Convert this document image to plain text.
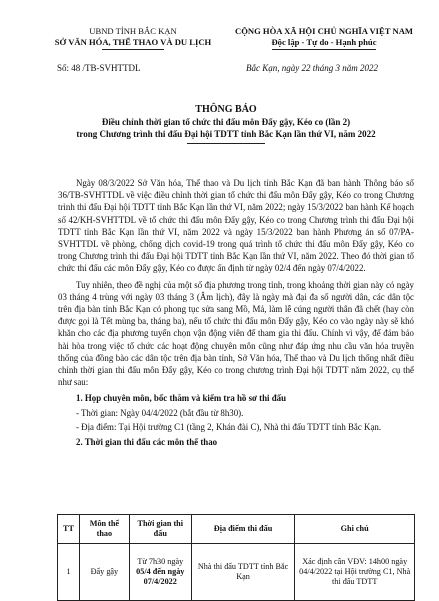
UBND TỈNH BẮC KẠN
SỞ VĂN HÓA, THỂ THAO VÀ DU LỊCH
CỘNG HÒA XÃ HỘI CHỦ NGHĨA VIỆT NAM
Độc lập - Tự do - Hạnh phúc
Số: 48 /TB-SVHTTDL	Bắc Kạn, ngày 22 tháng 3 năm 2022
THÔNG BÁO
Điều chỉnh thời gian tổ chức thi đấu môn Đẩy gậy, Kéo co (lần 2)
trong Chương trình thi đấu Đại hội TDTT tỉnh Bắc Kạn lần thứ VI, năm 2022

Ngày 08/3/2022 Sở Văn hóa, Thể thao và Du lịch tỉnh Bắc Kạn đã ban hành Thông báo số 36/TB-SVHTTDL về việc điều chỉnh thời gian tổ chức thi đấu môn Đẩy gậy, Kéo co trong Chương trình thi đấu Đại hội TDTT tỉnh Bắc Kạn lần thứ VI, năm 2022; ngày 15/3/2022 ban hành Kế hoạch số 42/KH-SVHTTDL về tổ chức thi đấu môn Đẩy gậy, Kéo co trong Chương trình thi đấu Đại hội TDTT tỉnh Bắc Kạn lần thứ VI, năm 2022 và ngày 15/3/2022 ban hành Phương án số 07/PA-SVHTTDL về phòng, chống dịch covid-19 trong quá trình tổ chức thi đấu môn Đẩy gậy, Kéo co trong Chương trình thi đấu Đại hội TDTT tỉnh Bắc Kạn lần thứ VI, năm 2022. Theo đó thời gian tổ chức thi đấu các môn Đẩy gậy, Kéo co được ấn định từ ngày 02/4 đến ngày 07/4/2022.

Tuy nhiên, theo đề nghị của một số địa phương trong tỉnh, trong khoảng thời gian này có ngày 03 tháng 4 trùng với ngày 03 tháng 3 (Âm lịch), đây là ngày mà đại đa số người dân, các dân tộc trên địa bàn tỉnh Bắc Kạn có phong tục sửa sang Mồ, Mả, làm lễ cúng người thân đã chết (hay còn được gọi là Tết mùng ba, tháng ba), nếu tổ chức thi đấu môn Đẩy gậy, Kéo co vào ngày này sẽ khó khăn cho các địa phương tuyển chọn vận động viên để tham gia thi đấu. Chính vì vậy, để đảm bảo hài hòa trong việc tổ chức các hoạt động chuyên môn cũng như đáp ứng nhu cầu văn hóa truyền thống của đồng bào các dân tộc trên địa bàn tỉnh, Sở Văn hóa, Thể thao và Du lịch thống nhất điều chỉnh thời gian thi đấu môn Đẩy gậy, Kéo co trong chương trình Đại hội TDTT năm 2022, cụ thể như sau:

1. Họp chuyên môn, bốc thăm và kiểm tra hồ sơ thi đấu
- Thời gian: Ngày 04/4/2022 (bắt đầu từ 8h30).
- Địa điểm: Tại Hội trường C1 (tầng 2, Khán đài C), Nhà thi đấu TDTT tỉnh Bắc Kạn.
2. Thời gian thi đấu các môn thể thao
TT	Môn thể thao	Thời gian thi đấu	Địa điểm thi đấu	Ghi chú
1	Đẩy gậy	Từ 7h30 ngày
05/4 đến ngày
07/4/2022	Nhà thi đấu TDTT tỉnh Bắc Kạn	Xác định cân VĐV: 14h00 ngày 04/4/2022 tại Hội trường C1, Nhà thi đấu TDTT
